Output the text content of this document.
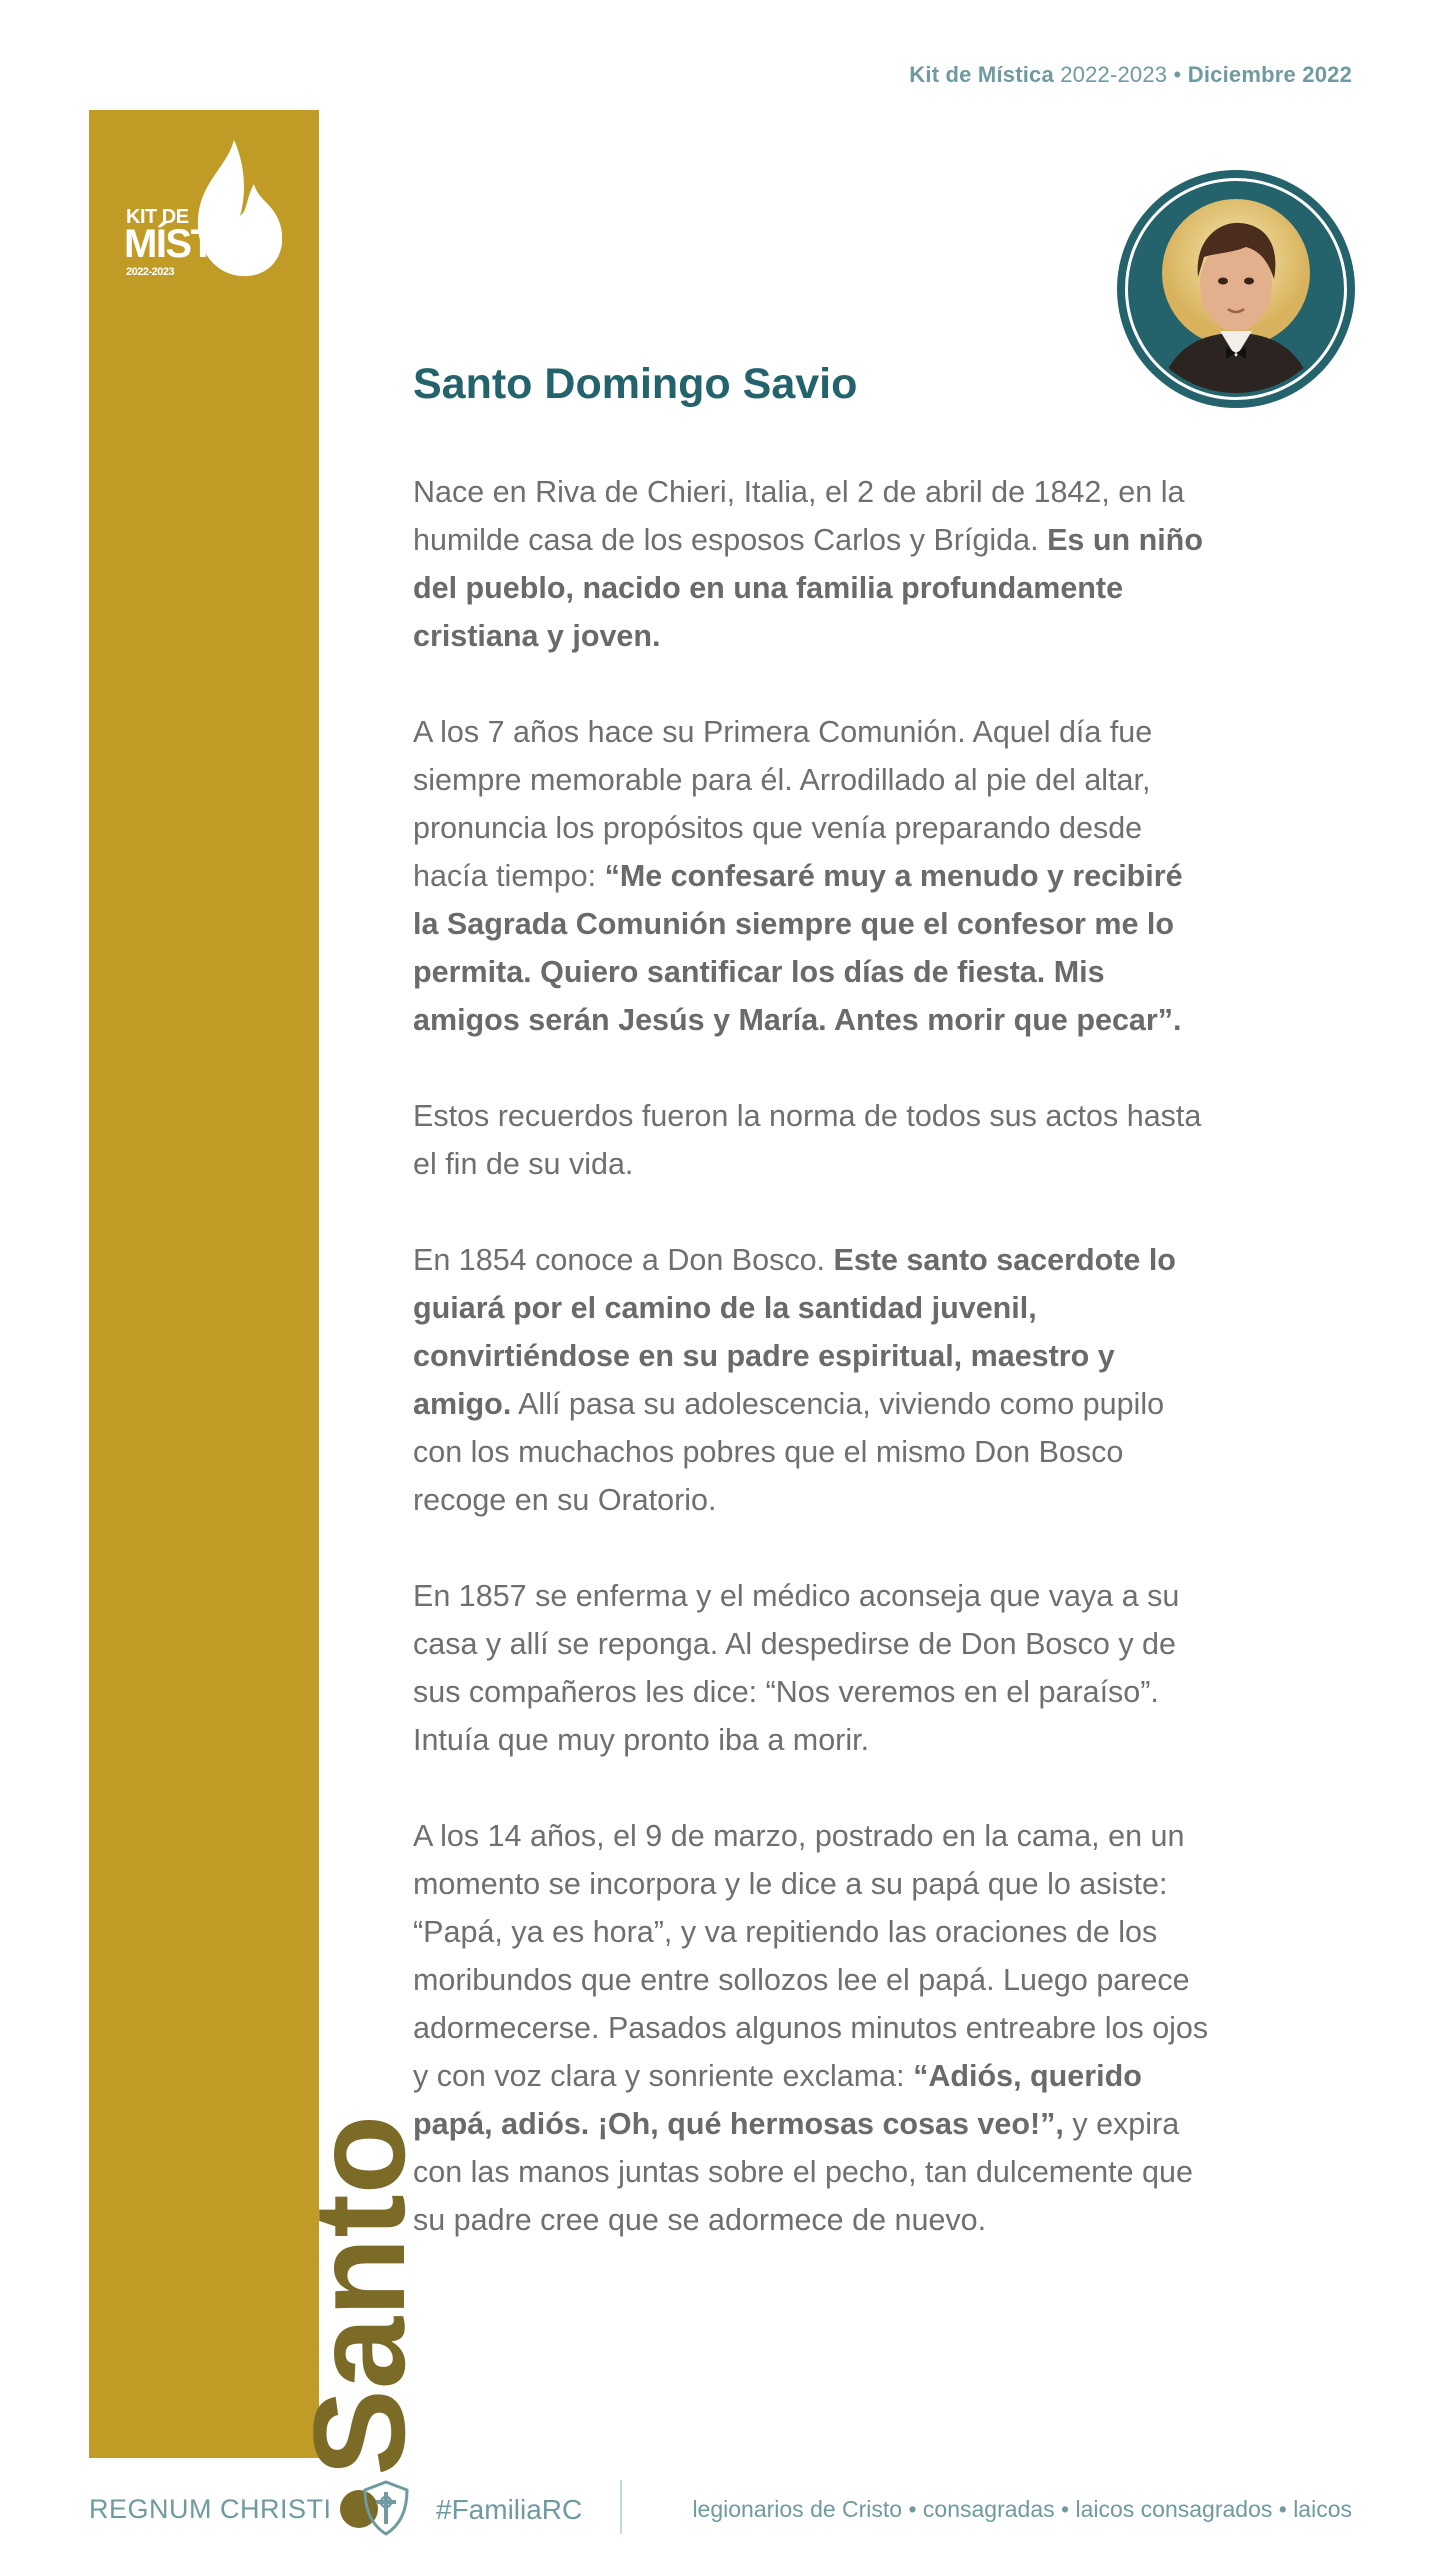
Kit de Mística 2022-2023 • Diciembre 2022
KIT DE
MÍSTICA
2022-2023
Santo
Santo Domingo Savio

Nace en Riva de Chieri, Italia, el 2 de abril de 1842, en la humilde casa de los esposos Carlos y Brígida. Es un niño del pueblo, nacido en una familia profundamente cristiana y joven.

A los 7 años hace su Primera Comunión. Aquel día fue siempre memorable para él. Arrodillado al pie del altar, pronuncia los propósitos que venía preparando desde hacía tiempo: “Me confesaré muy a menudo y recibiré la Sagrada Comunión siempre que el confesor me lo permita. Quiero santificar los días de fiesta. Mis amigos serán Jesús y María. Antes morir que pecar”.

Estos recuerdos fueron la norma de todos sus actos hasta el fin de su vida.

En 1854 conoce a Don Bosco. Este santo sacerdote lo guiará por el camino de la santidad juvenil, convirtiéndose en su padre espiritual, maestro y amigo. Allí pasa su adolescencia, viviendo como pupilo con los muchachos pobres que el mismo Don Bosco recoge en su Oratorio.

En 1857 se enferma y el médico aconseja que vaya a su casa y allí se reponga. Al despedirse de Don Bosco y de sus compañeros les dice: “Nos veremos en el paraíso”. Intuía que muy pronto iba a morir.

A los 14 años, el 9 de marzo, postrado en la cama, en un momento se incorpora y le dice a su papá que lo asiste: “Papá, ya es hora”, y va repitiendo las oraciones de los moribundos que entre sollozos lee el papá. Luego parece adormecerse. Pasados algunos minutos entreabre los ojos y con voz clara y sonriente exclama: “Adiós, querido papá, adiós. ¡Oh, qué hermosas cosas veo!”, y expira con las manos juntas sobre el pecho, tan dulcemente que su padre cree que se adormece de nuevo.

REGNUM CHRISTI	#FamiliaRC	legionarios de Cristo • consagradas • laicos consagrados • laicos
